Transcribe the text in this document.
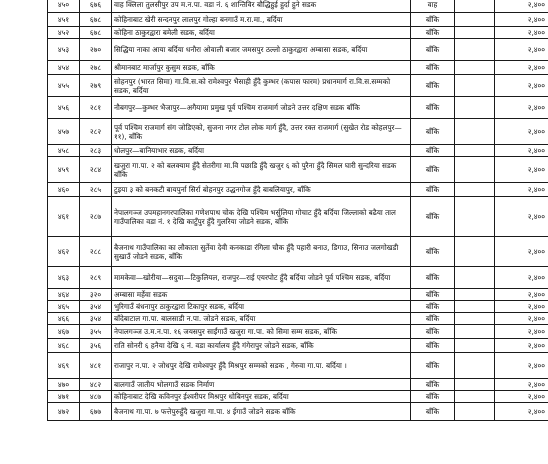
४५०	६७६	वाह क्लिला तुलसीपुर उप म.न.पा. वडा नं. ६ शान्तिविर बौद्धिहुई हुर्दा हुने सडक	वाह		२,४००
४५१	६७८	कोहिनाबाट खेरी सन्दनपुर लालपुर गोल्हा बनगाउँ म.रा.मा., बर्दिया	बाँकि		२,४००
४५२	६७८	कोहिना ठाकुरद्वारा बमेली सडक, बर्दिया	बाँकि		२,४००
४५३	२७०	सिद्धिया नाका आया बर्दिया धनौरा ओवाली बजार जमसपुर ठल्लो ठाकुरद्वारा अम्बासा सडक, बर्दिया	बाँकि		२,४००
४५४	२७८	श्रीमानबाट मार्जापुर कुसुम सडक, बाँकि	बाँकि		२,४००
४५५	२७९	सोहनपुर (भारत सिमा) गा.वि.स.को रामेश्वपुर भैसाही हुँदै कुम्भर (कपास फारम) प्रधानमार्ग रा.वि.स.सम्मको सडक, बर्दिया	बाँकि		२,४००
४५६	२८१	नौबगपुर—कुम्भर भैजापुर—अगैयामा प्रमुख पूर्व पश्चिम राजमार्ग जोडने उत्तर दक्षिण सडक बाँकि	बाँकि		२,४००
४५७	२८२	पूर्व पश्चिम राजमार्ग संग जोडिएको, सुजना नगर टोल लोक मार्ग हुँदै, उत्तर रक्त राजमार्ग (सुखेत रोड कोहलपुर—११), बाँकि	बाँकि		२,४००
४५८	२८३	धोलपुर—बानियाभार सडक, बर्दिया	बाँकि		२,४००
४५९	२८४	खजुरा गा.पा. २ को बलक्याम हुँदै सेतरीगा मा.वि पछाडि हुँदै खजुर ६ को पुरैना हुँदै सिमल घारी सुन्दरिया सडक बाँकि	बाँकि		२,४००
४६०	२८५	टुइया ३ को बनकटी बायपुर्ना सिर्रा बोहनपुर उद्धनगोज हुँदै बाबलियापुर, बाँकि	बाँकि		२,४००
४६१	२८७	नेपालगञ्ज उपमहानगरपालिका गणेशपाथ चोक देखि पश्चिम भर्सुलिया गोचाट हुँदै बर्दिया जिल्लाको बढैया ताल गाउँपालिका वडा नं. १ देखि काटुँपुर हुँदै गुलरिया जोडने सडक, बाँकि	बाँकि		२,४००
४६२	२८८	बैजनाथ गाउँपालिका का लौकाता सुर्तेवा देवी कनकाडा रंगिला चौक हुँदै पहारी बनाउ, डिगाउ, सिनाउ जलगोखडी सुखाउँ जोडने सडक, बाँकि	बाँकि		२,४००
४६३	२८९	मामकेवा—खोरीया—सदुवा—टिकुलियल, राजपुर—राई एयरपोट हुँदै बर्दिया जोडने पूर्व पश्चिम सडक, बर्दिया	बाँकि		२,४००
४६४	३२०	अम्बासा मर्हेवा सडक	बाँकि		२,४००
४६५	३५४	भुरिगाउँ बंधनापुर ठाकुरद्वारा टिकापुर सडक, बर्दिया	बाँकि		२,४००
४६६	३५४	बाँदेबाटाल गा.पा. बालसाडी न.पा. जोडने सडक, बर्दिया	बाँकि		२,४००
४६७	३५५	नेपालगञ्ज उ.म.न.पा. १६ जयसपुर साईंगाउँ खजुरा गा.पा. को सिमा सम्म सडक, बाँकि	बाँकि		२,४००
४६८	३५६	राति सोनरी ६ हनैया देखि ६ नं. वडा कार्यालय हुँदै गंगेरापुर जोडने सडक, बाँकि	बाँकि		२,४००
४६९	४८१	राजापुर न.पा. २ जोधपुर देखि रामेश्वपुर हुँदै मिश्रपुर सम्मको सडक , गेरुवा गा.पा. बर्दिया ।	बाँकि		२,४००
४७०	४८२	बालगाउँ जातीय भोलगाउँ सडक निर्माण	बाँकि		२,४००
४७१	४८७	कोहिनाबाट देखि कविनपुर ईश्वरीपर मिश्रपुर धोबिनपुर सडक, बर्दिया	बाँकि		२,४००
४७२	६७७	बैजनाथ गा.पा. ७ फत्तेपुरुहुँदै खजुरा गा.पा. ४ ईगाउँ जोडने सडक बाँकि	बाँकि		२,४००
